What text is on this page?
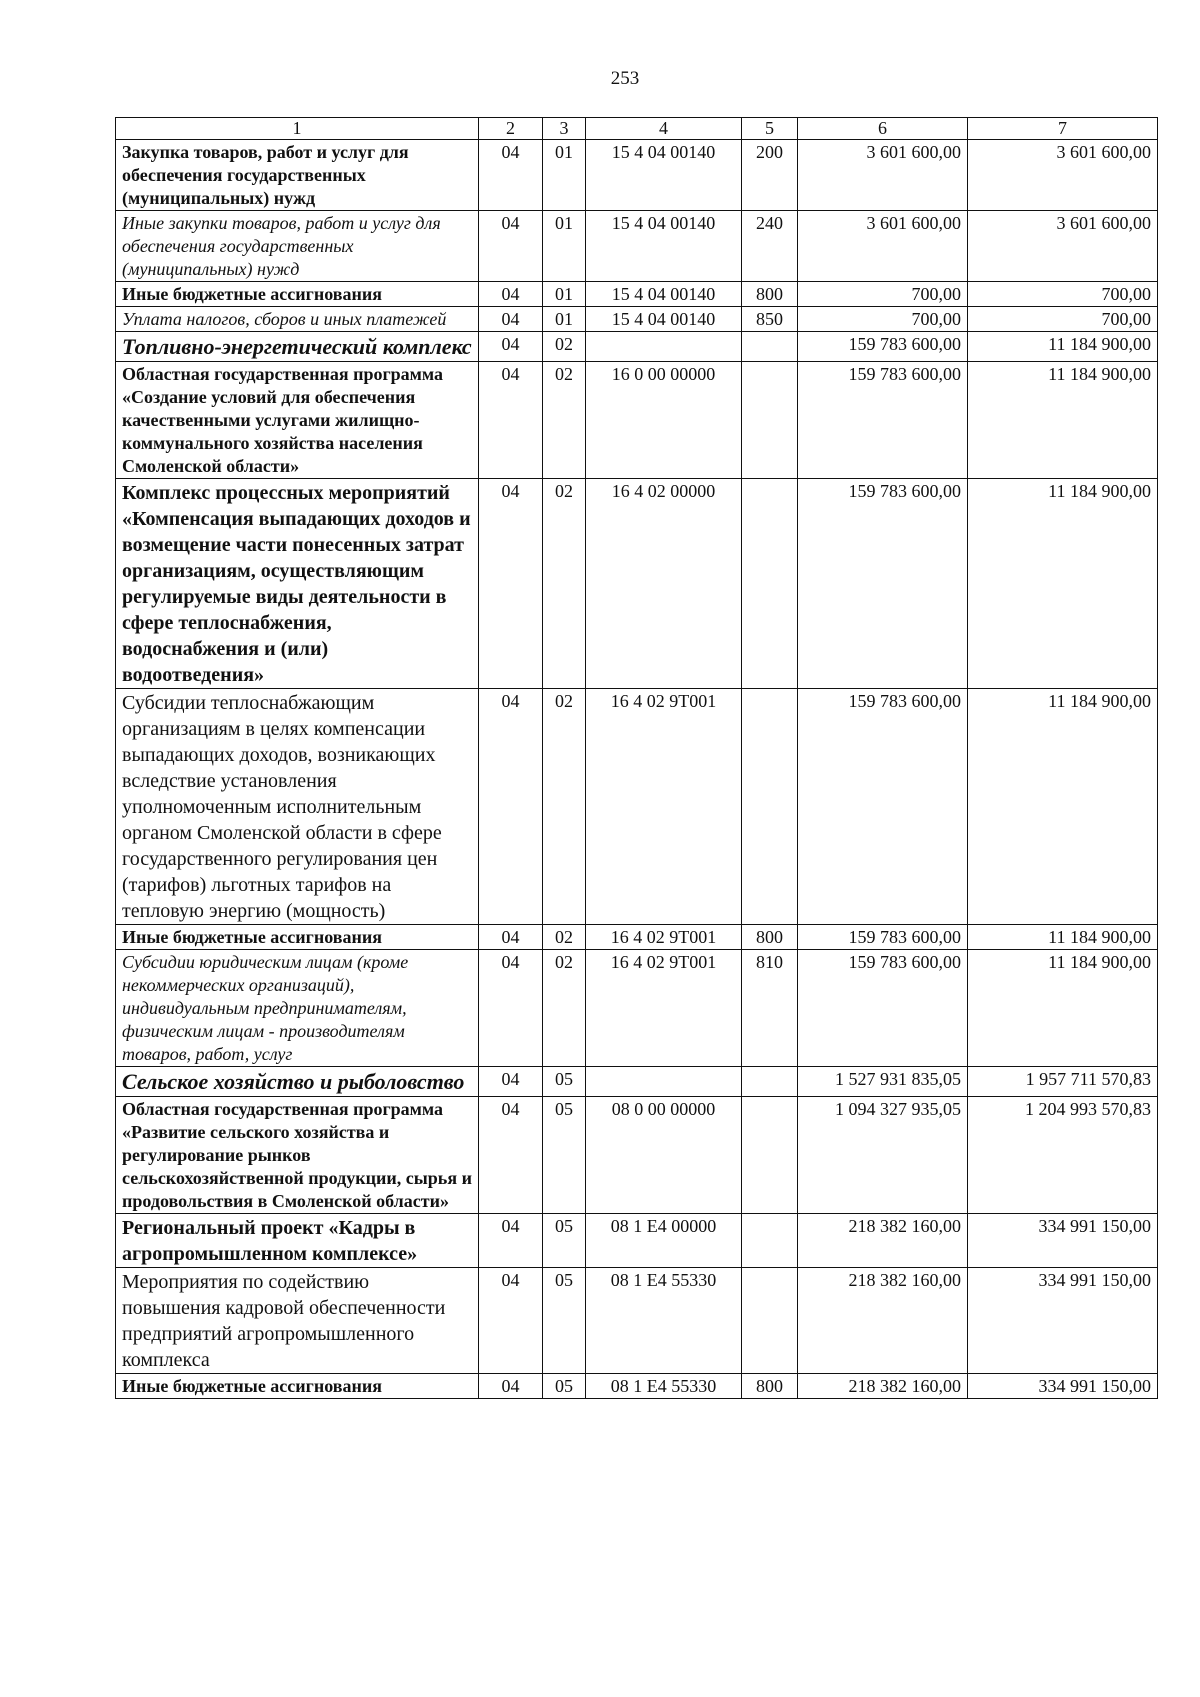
253
1	2	3	4	5	6	7
Закупка товаров, работ и услуг для обеспечения государственных (муниципальных) нужд	04	01	15 4 04 00140	200	3 601 600,00	3 601 600,00
Иные закупки товаров, работ и услуг для обеспечения государственных (муниципальных) нужд	04	01	15 4 04 00140	240	3 601 600,00	3 601 600,00
Иные бюджетные ассигнования	04	01	15 4 04 00140	800	700,00	700,00
Уплата налогов, сборов и иных платежей	04	01	15 4 04 00140	850	700,00	700,00
Топливно-энергетический комплекс	04	02			159 783 600,00	11 184 900,00
Областная государственная программа «Создание условий для обеспечения качественными услугами жилищно-коммунального хозяйства населения Смоленской области»	04	02	16 0 00 00000		159 783 600,00	11 184 900,00
Комплекс процессных мероприятий «Компенсация выпадающих доходов и возмещение части понесенных затрат организациям, осуществляющим регулируемые виды деятельности в сфере теплоснабжения, водоснабжения и (или) водоотведения»	04	02	16 4 02 00000		159 783 600,00	11 184 900,00
Субсидии теплоснабжающим организациям в целях компенсации выпадающих доходов, возникающих вследствие установления уполномоченным исполнительным органом Смоленской области в сфере государственного регулирования цен (тарифов) льготных тарифов на тепловую энергию (мощность)	04	02	16 4 02 9Т001		159 783 600,00	11 184 900,00
Иные бюджетные ассигнования	04	02	16 4 02 9Т001	800	159 783 600,00	11 184 900,00
Субсидии юридическим лицам (кроме некоммерческих организаций), индивидуальным предпринимателям, физическим лицам - производителям товаров, работ, услуг	04	02	16 4 02 9Т001	810	159 783 600,00	11 184 900,00
Сельское хозяйство и рыболовство	04	05			1 527 931 835,05	1 957 711 570,83
Областная государственная программа «Развитие сельского хозяйства и регулирование рынков сельскохозяйственной продукции, сырья и продовольствия в Смоленской области»	04	05	08 0 00 00000		1 094 327 935,05	1 204 993 570,83
Региональный проект «Кадры в агропромышленном комплексе»	04	05	08 1 Е4 00000		218 382 160,00	334 991 150,00
Мероприятия по содействию повышения кадровой обеспеченности предприятий агропромышленного комплекса	04	05	08 1 Е4 55330		218 382 160,00	334 991 150,00
Иные бюджетные ассигнования	04	05	08 1 Е4 55330	800	218 382 160,00	334 991 150,00
